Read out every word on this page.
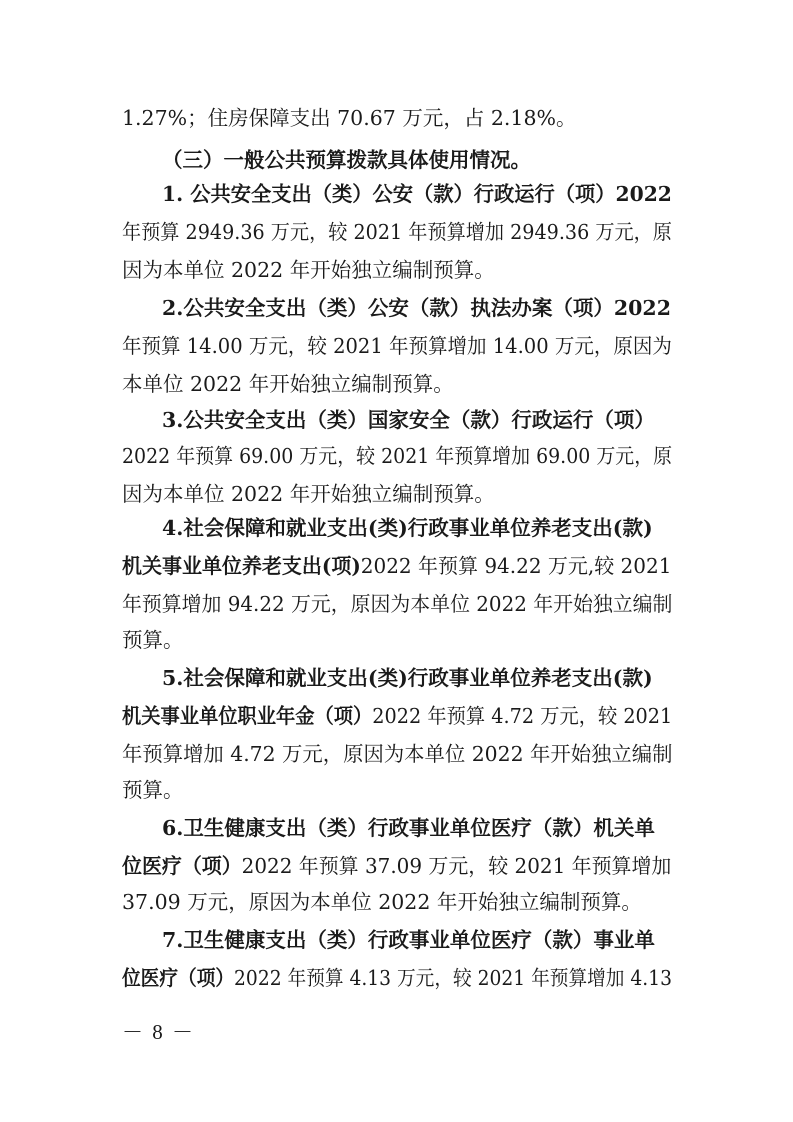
1.27%；住房保障支出 70.67 万元，占 2.18%。
（三）一般公共预算拨款具体使用情况。
1. 公共安全支出（类）公安（款）行政运行（项）2022
年预算 2949.36 万元，较 2021 年预算增加 2949.36 万元，原
因为本单位 2022 年开始独立编制预算。
2.公共安全支出（类）公安（款）执法办案（项）2022
年预算 14.00 万元，较 2021 年预算增加 14.00 万元，原因为
本单位 2022 年开始独立编制预算。
3.公共安全支出（类）国家安全（款）行政运行（项）
2022 年预算 69.00 万元，较 2021 年预算增加 69.00 万元，原
因为本单位 2022 年开始独立编制预算。
4.社会保障和就业支出(类)行政事业单位养老支出(款)
机关事业单位养老支出(项)2022 年预算 94.22 万元,较 2021
年预算增加 94.22 万元，原因为本单位 2022 年开始独立编制
预算。
5.社会保障和就业支出(类)行政事业单位养老支出(款)
机关事业单位职业年金（项）2022 年预算 4.72 万元，较 2021
年预算增加 4.72 万元，原因为本单位 2022 年开始独立编制
预算。
6.卫生健康支出（类）行政事业单位医疗（款）机关单
位医疗（项）2022 年预算 37.09 万元，较 2021 年预算增加
37.09 万元，原因为本单位 2022 年开始独立编制预算。
7.卫生健康支出（类）行政事业单位医疗（款）事业单
位医疗（项）2022 年预算 4.13 万元，较 2021 年预算增加 4.13
－ 8 －
